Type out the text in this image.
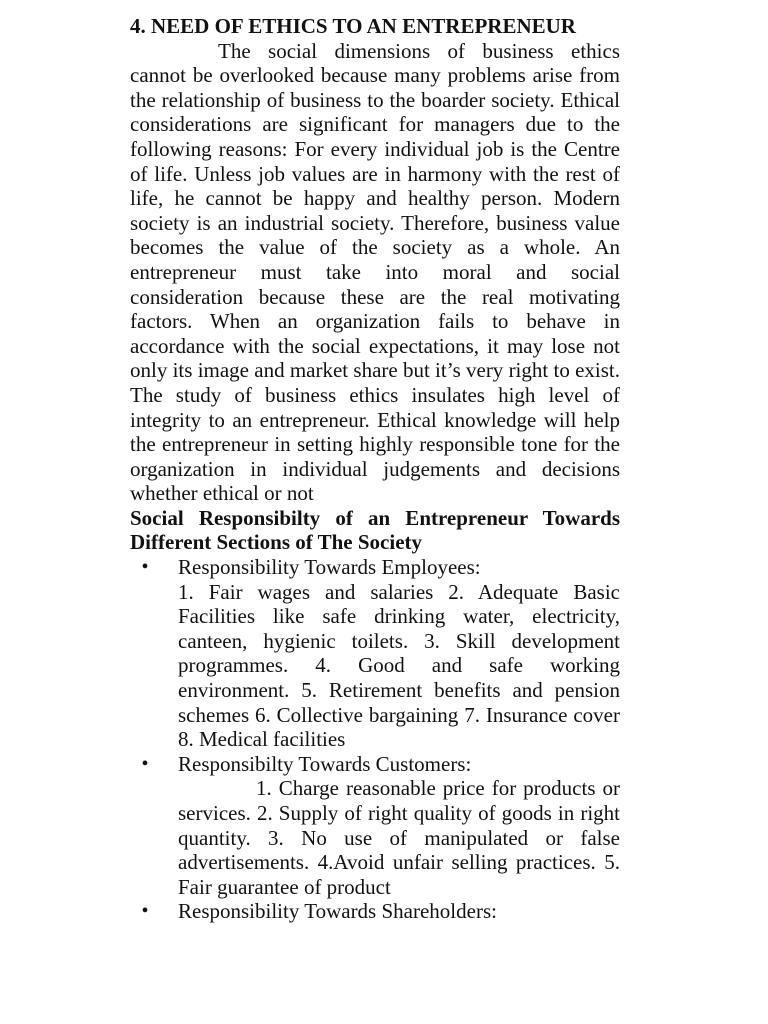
4. NEED OF ETHICS TO AN ENTREPRENEUR

The social dimensions of business ethics cannot be overlooked because many problems arise from the relationship of business to the boarder society. Ethical considerations are significant for managers due to the following reasons: For every individual job is the Centre of life. Unless job values are in harmony with the rest of life, he cannot be happy and healthy person. Modern society is an industrial society. Therefore, business value becomes the value of the society as a whole. An entrepreneur must take into moral and social consideration because these are the real motivating factors. When an organization fails to behave in accordance with the social expectations, it may lose not only its image and market share but it’s very right to exist. The study of business ethics insulates high level of integrity to an entrepreneur. Ethical knowledge will help the entrepreneur in setting highly responsible tone for the organization in individual judgements and decisions whether ethical or not

Social Responsibilty of an Entrepreneur Towards Different Sections of The Society

• Responsibility Towards Employees:

1. Fair wages and salaries 2. Adequate Basic Facilities like safe drinking water, electricity, canteen, hygienic toilets. 3. Skill development programmes. 4. Good and safe working environment. 5. Retirement benefits and pension schemes 6. Collective bargaining 7. Insurance cover 8. Medical facilities

• Responsibilty Towards Customers:

1. Charge reasonable price for products or services. 2. Supply of right quality of goods in right quantity. 3. No use of manipulated or false advertisements. 4.Avoid unfair selling practices. 5. Fair guarantee of product

• Responsibility Towards Shareholders:
